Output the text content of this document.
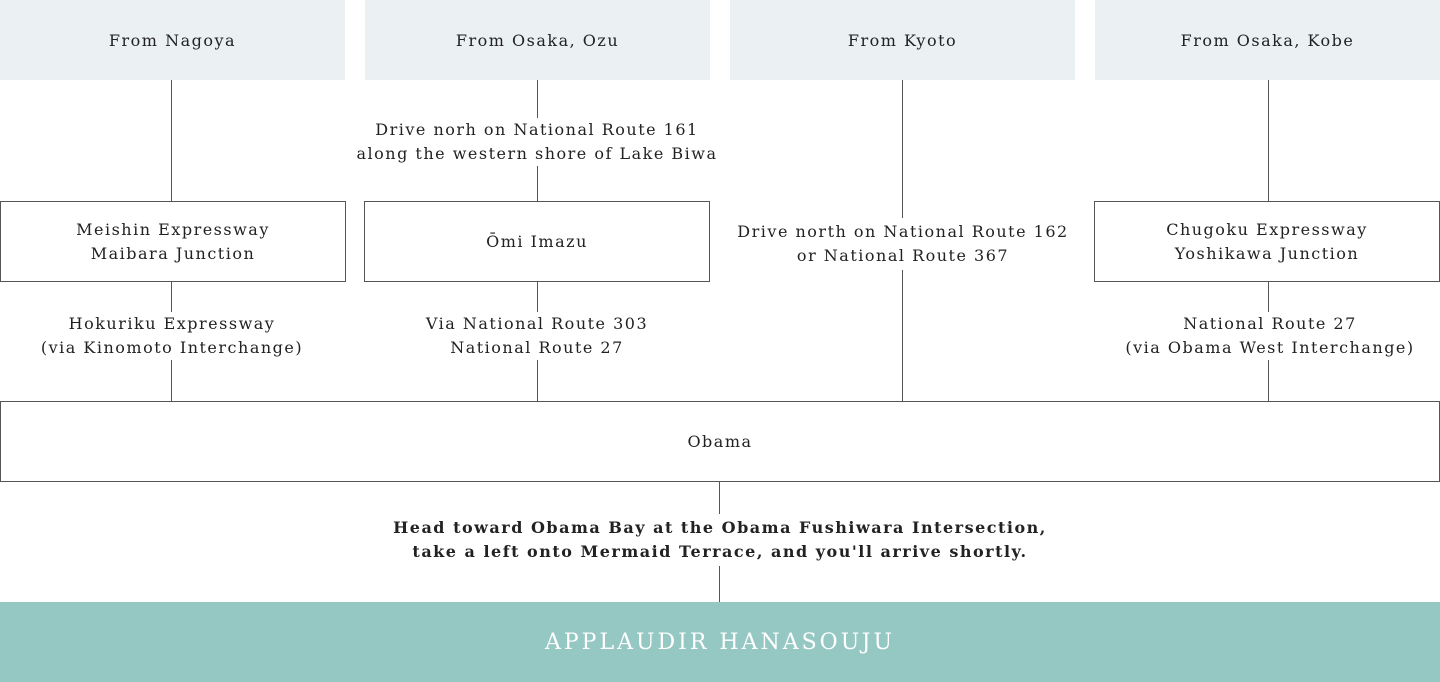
From Nagoya	From Osaka, Ozu	From Kyoto	From Osaka, Kobe
Drive norh on National Route 161
along the western shore of Lake Biwa
Meishin Expressway
Maibara Junction
Ōmi Imazu	Drive north on National Route 162
or National Route 367
Chugoku Expressway
Yoshikawa Junction
Hokuriku Expressway
(via Kinomoto Interchange)
Via National Route 303
National Route 27
National Route 27
(via Obama West Interchange)
Obama
Head toward Obama Bay at the Obama Fushiwara Intersection,
take a left onto Mermaid Terrace, and you'll arrive shortly.
APPLAUDIR HANASOUJU
